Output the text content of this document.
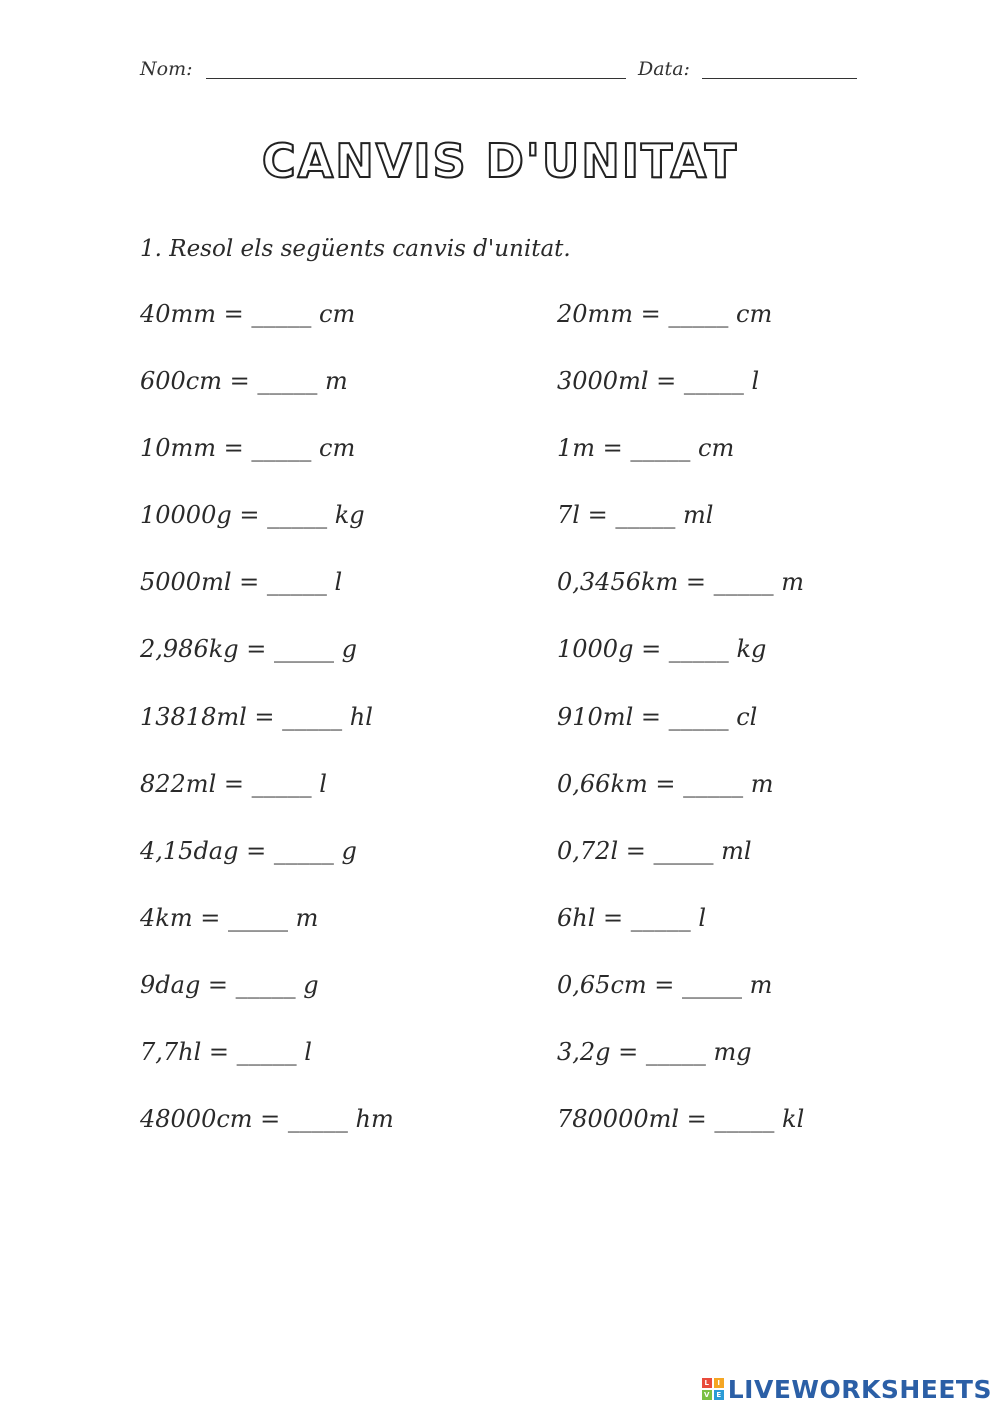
Nom:	Data:
CANVIS D'UNITAT
1. Resol els següents canvis d'unitat.
40mm = _____ cm	20mm = _____ cm
600cm = _____ m	3000ml = _____ l
10mm = _____ cm	1m = _____ cm
10000g = _____ kg	7l = _____ ml
5000ml = _____ l	0,3456km = _____ m
2,986kg = _____ g	1000g = _____ kg
13818ml = _____ hl	910ml = _____ cl
822ml = _____ l	0,66km = _____ m
4,15dag = _____ g	0,72l = _____ ml
4km = _____ m	6hl = _____ l
9dag = _____ g	0,65cm = _____ m
7,7hl = _____ l	3,2g = _____ mg
48000cm = _____ hm	780000ml = _____ kl
L	I
V E LIVEWORKSHEETS
